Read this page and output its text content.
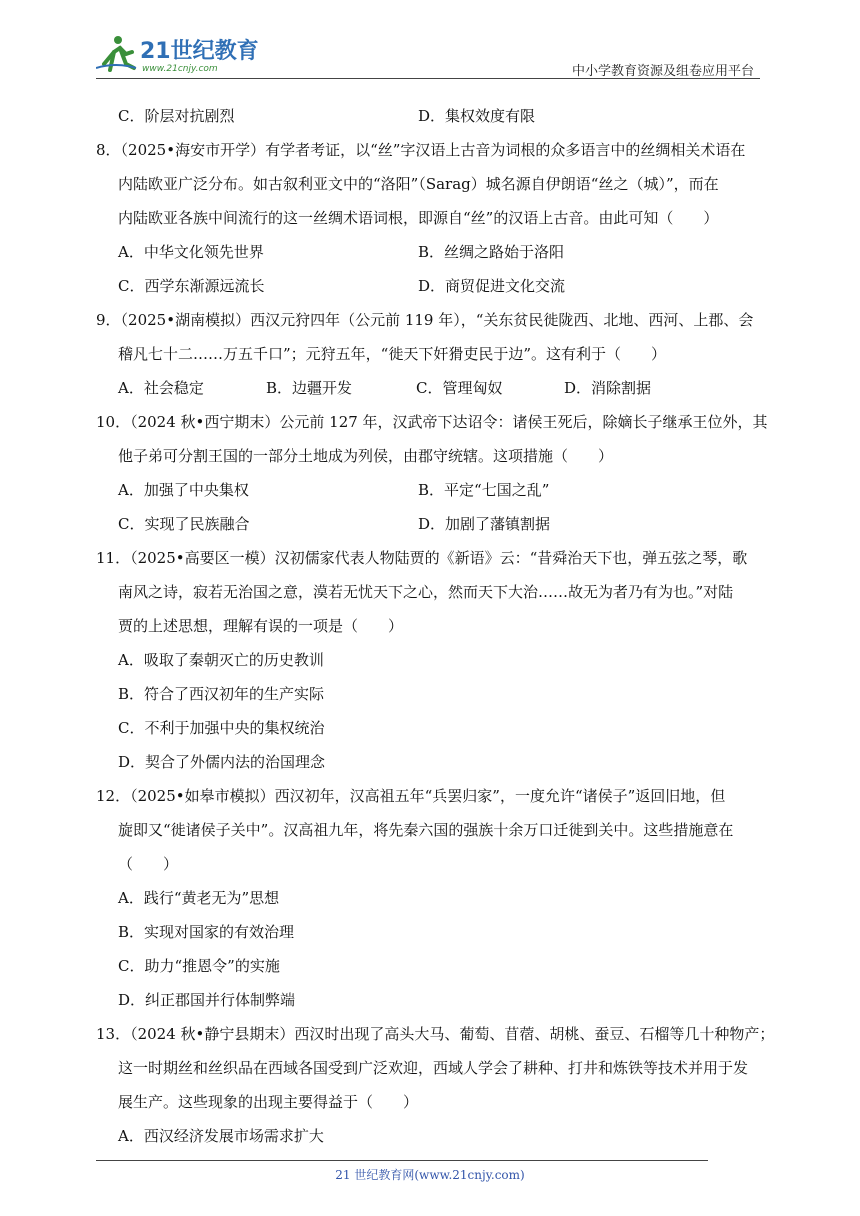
21世纪教育
www.21cnjy.com	中小学教育资源及组卷应用平台
C．阶层对抗剧烈	D．集权效度有限
8．（2025•海安市开学）有学者考证，以“丝”字汉语上古音为词根的众多语言中的丝绸相关术语在
内陆欧亚广泛分布。如古叙利亚文中的“洛阳”（Sarag）城名源自伊朗语“丝之（城）”，而在
内陆欧亚各族中间流行的这一丝绸术语词根，即源自“丝”的汉语上古音。由此可知（　　）
A．中华文化领先世界	B．丝绸之路始于洛阳
C．西学东渐源远流长	D．商贸促进文化交流
9．（2025•湖南模拟）西汉元狩四年（公元前 119 年），“关东贫民徙陇西、北地、西河、上郡、会
稽凡七十二……万五千口”；元狩五年，“徙天下奸猾吏民于边”。这有利于（　　）
A．社会稳定	B．边疆开发	C．管理匈奴	D．消除割据
10．（2024 秋•西宁期末）公元前 127 年，汉武帝下达诏令：诸侯王死后，除嫡长子继承王位外，其
他子弟可分割王国的一部分土地成为列侯，由郡守统辖。这项措施（　　）
A．加强了中央集权	B．平定“七国之乱”
C．实现了民族融合	D．加剧了藩镇割据
11．（2025•高要区一模）汉初儒家代表人物陆贾的《新语》云：“昔舜治天下也，弹五弦之琴，歌
南风之诗，寂若无治国之意，漠若无忧天下之心，然而天下大治……故无为者乃有为也。”对陆
贾的上述思想，理解有误的一项是（　　）
A．吸取了秦朝灭亡的历史教训
B．符合了西汉初年的生产实际
C．不利于加强中央的集权统治
D．契合了外儒内法的治国理念
12．（2025•如皋市模拟）西汉初年，汉高祖五年“兵罢归家”，一度允许“诸侯子”返回旧地，但
旋即又“徙诸侯子关中”。汉高祖九年，将先秦六国的强族十余万口迁徙到关中。这些措施意在
（　　）
A．践行“黄老无为”思想
B．实现对国家的有效治理
C．助力“推恩令”的实施
D．纠正郡国并行体制弊端
13．（2024 秋•静宁县期末）西汉时出现了高头大马、葡萄、苜蓿、胡桃、蚕豆、石榴等几十种物产；
这一时期丝和丝织品在西域各国受到广泛欢迎，西域人学会了耕种、打井和炼铁等技术并用于发
展生产。这些现象的出现主要得益于（　　）
A．西汉经济发展市场需求扩大
21 世纪教育网(www.21cnjy.com)
